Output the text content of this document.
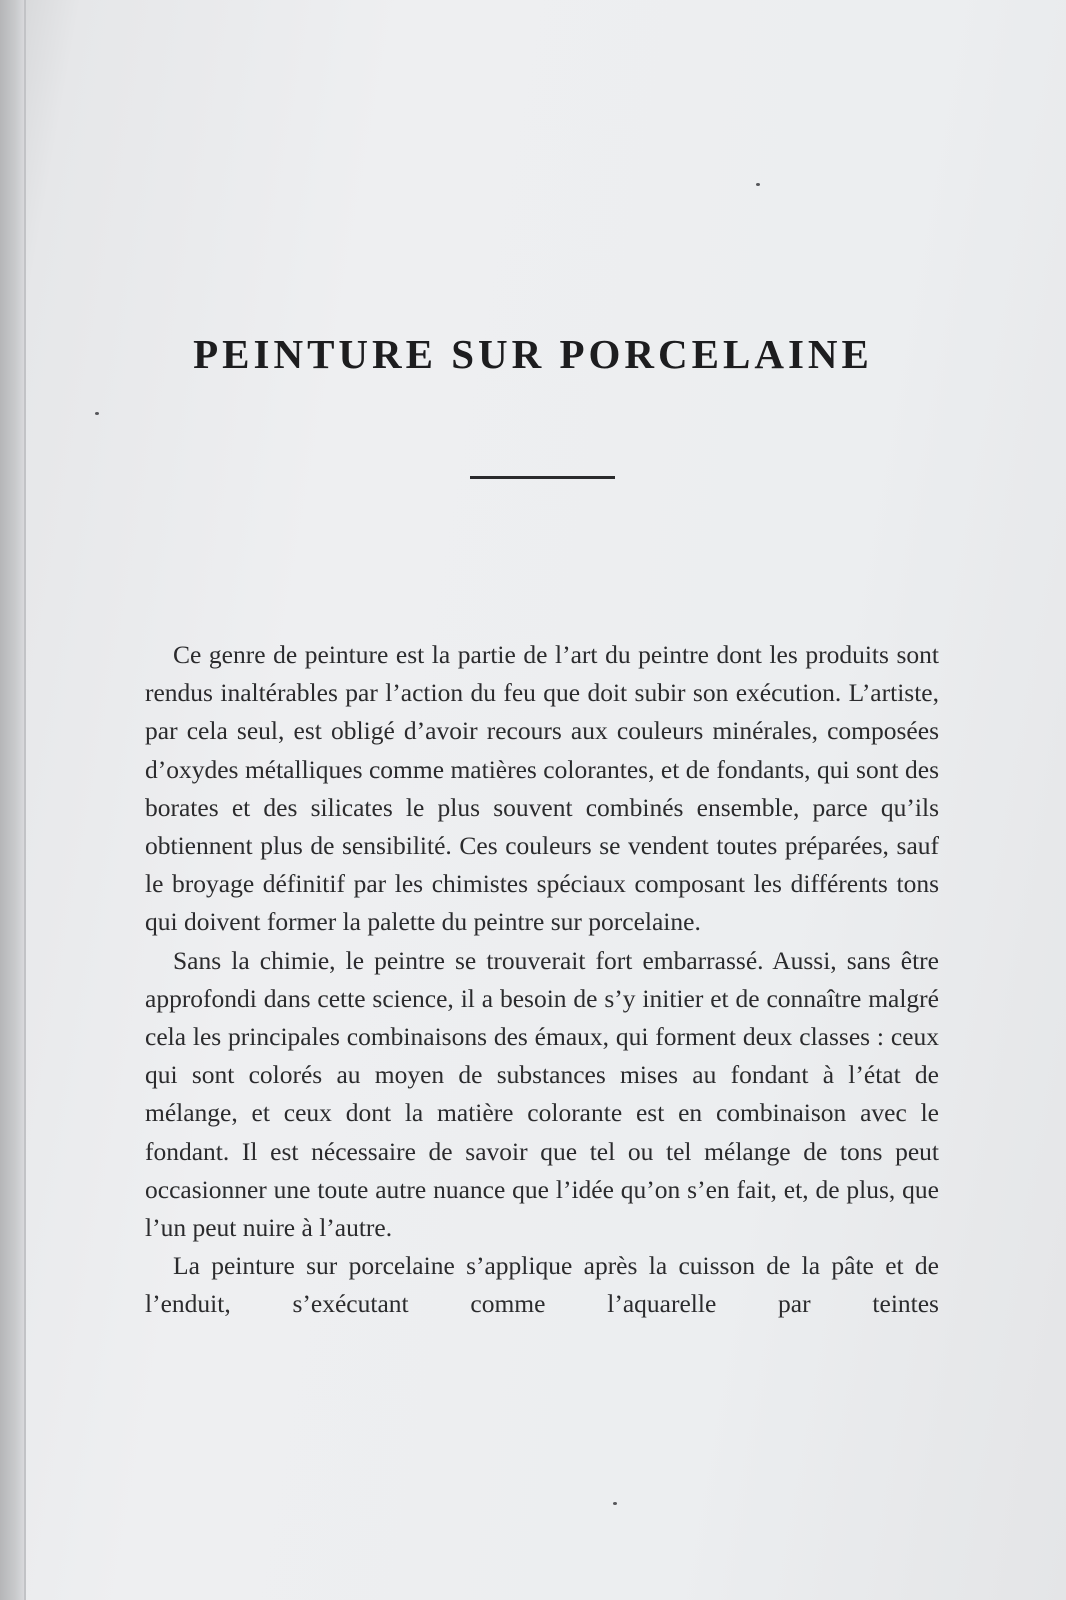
PEINTURE SUR PORCELAINE

Ce genre de peinture est la partie de l’art du peintre dont les produits sont rendus inaltérables par l’action du feu que doit subir son exécution. L’artiste, par cela seul, est obligé d’avoir recours aux couleurs minérales, composées d’oxydes métalliques comme matières colorantes, et de fondants, qui sont des borates et des silicates le plus souvent combinés ensemble, parce qu’ils obtiennent plus de sensibilité. Ces couleurs se vendent toutes préparées, sauf le broyage définitif par les chimistes spéciaux composant les différents tons qui doivent former la palette du peintre sur porcelaine.

Sans la chimie, le peintre se trouverait fort embarrassé. Aussi, sans être approfondi dans cette science, il a besoin de s’y initier et de connaître malgré cela les principales combinaisons des émaux, qui forment deux classes : ceux qui sont colorés au moyen de substances mises au fondant à l’état de mélange, et ceux dont la matière colorante est en combinaison avec le fondant. Il est nécessaire de savoir que tel ou tel mélange de tons peut occasionner une toute autre nuance que l’idée qu’on s’en fait, et, de plus, que l’un peut nuire à l’autre.

La peinture sur porcelaine s’applique après la cuisson de la pâte et de l’enduit, s’exécutant comme l’aquarelle par teintes
